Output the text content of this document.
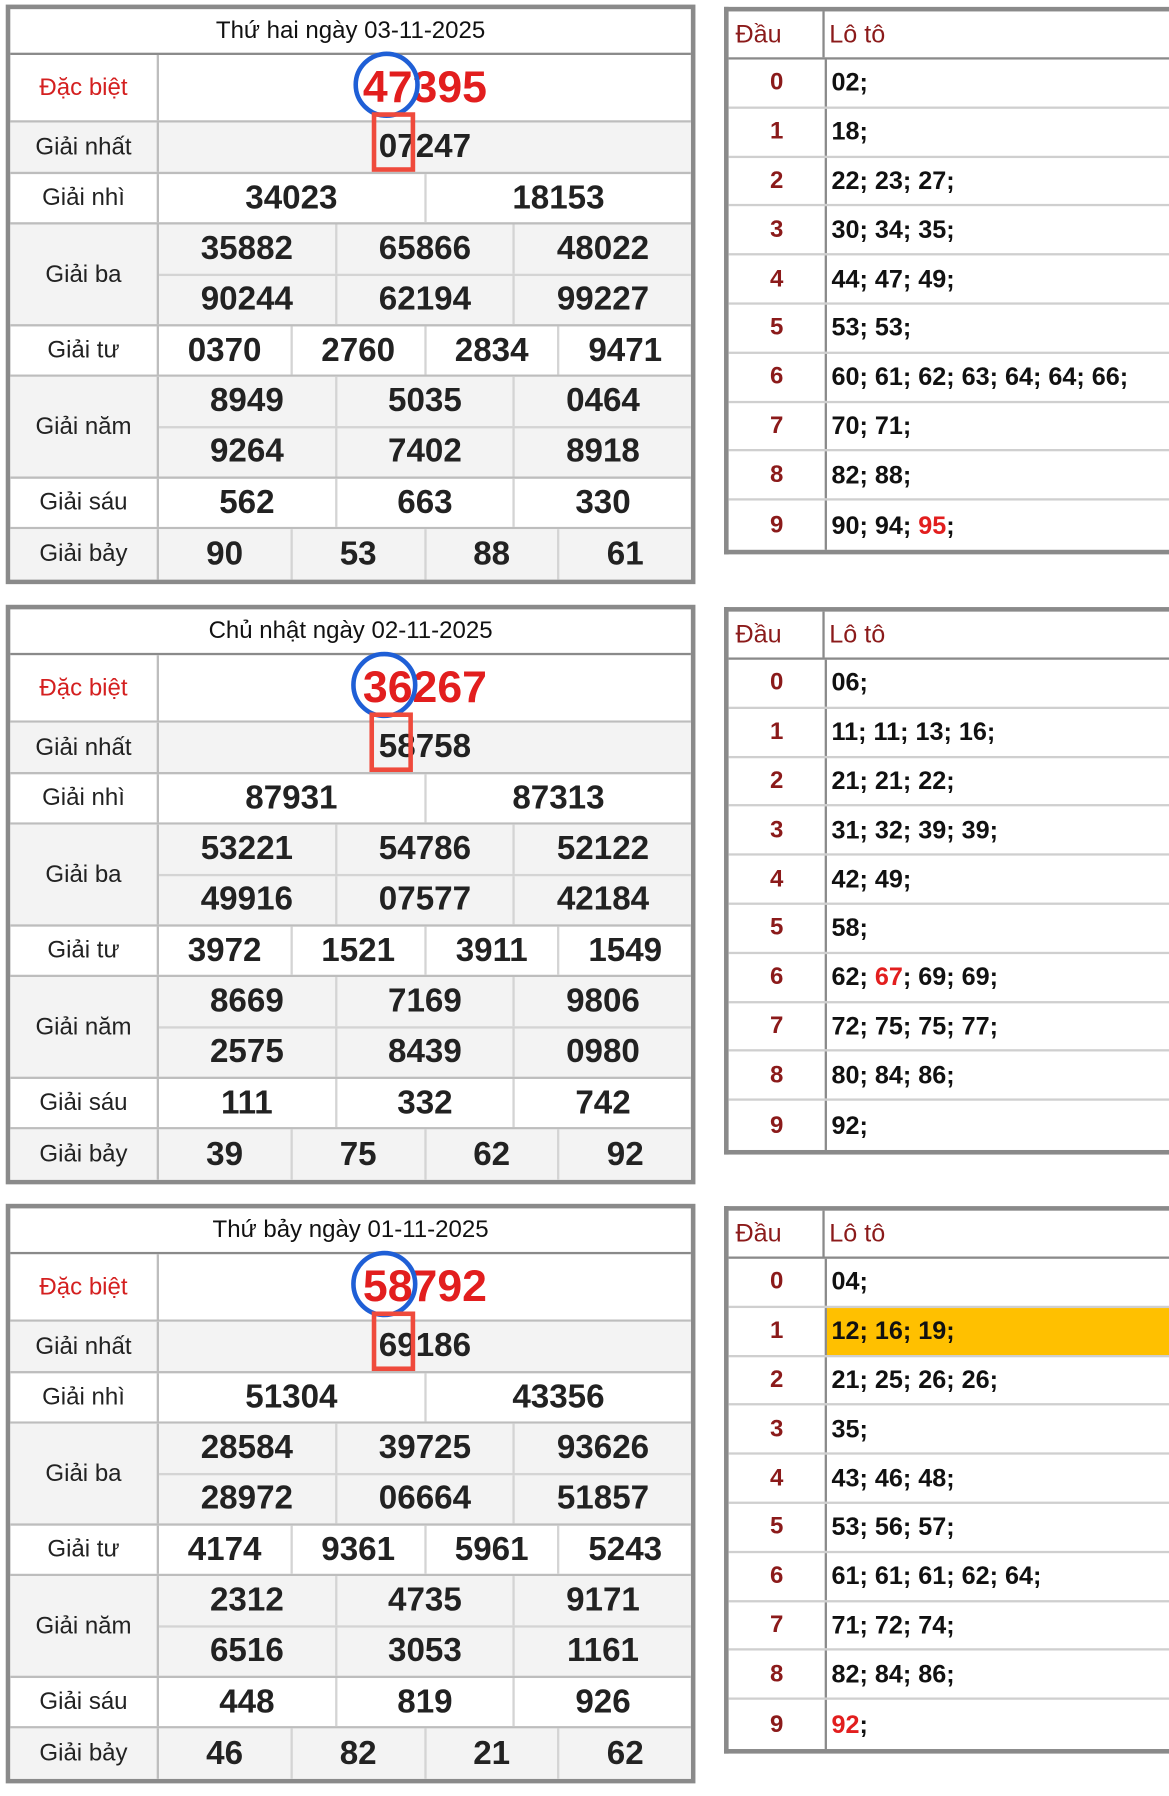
Thứ hai ngày 03-11-2025
Đặc biệt	47 395
Giải nhất	0 7 247
Giải nhì	34023	18153
Giải ba
35882	65866	48022
90244	62194	99227
Giải tư	0370	2760	2834	9471
Giải năm
8949	5035	0464
9264	7402	8918
Giải sáu	562	663	330
Giải bảy	90	53	88	61
Chủ nhật ngày 02-11-2025
Đặc biệt	36 267
Giải nhất	5 8 758
Giải nhì	87931	87313
Giải ba
53221	54786	52122
49916	07577	42184
Giải tư	3972	1521	3911	1549
Giải năm
8669	7169	9806
2575	8439	0980
Giải sáu	111	332	742
Giải bảy	39	75	62	92
Thứ bảy ngày 01-11-2025
Đặc biệt	58 792
Giải nhất	6 9 186
Giải nhì	51304	43356
Giải ba
28584	39725	93626
28972	06664	51857
Giải tư	4174	9361	5961	5243
Giải năm
2312	4735	9171
6516	3053	1161
Giải sáu	448	819	926
Giải bảy	46	82	21	62
Đầu	Lô tô
0	02;
1	18;
2	22; 23; 27;
3	30; 34; 35;
4	44; 47; 49;
5	53; 53;
6	60; 61; 62; 63; 64; 64; 66;
7	70; 71;
8	82; 88;
9	90; 94; 95 ;
Đầu	Lô tô
0	06;
1	11; 11; 13; 16;
2	21; 21; 22;
3	31; 32; 39; 39;
4	42; 49;
5	58;
6	62; 67 ; 69; 69;
7	72; 75; 75; 77;
8	80; 84; 86;
9	92;
Đầu	Lô tô
0	04;
1	12; 16; 19;
2	21; 25; 26; 26;
3	35;
4	43; 46; 48;
5	53; 56; 57;
6	61; 61; 61; 62; 64;
7	71; 72; 74;
8	82; 84; 86;
9	92 ;
